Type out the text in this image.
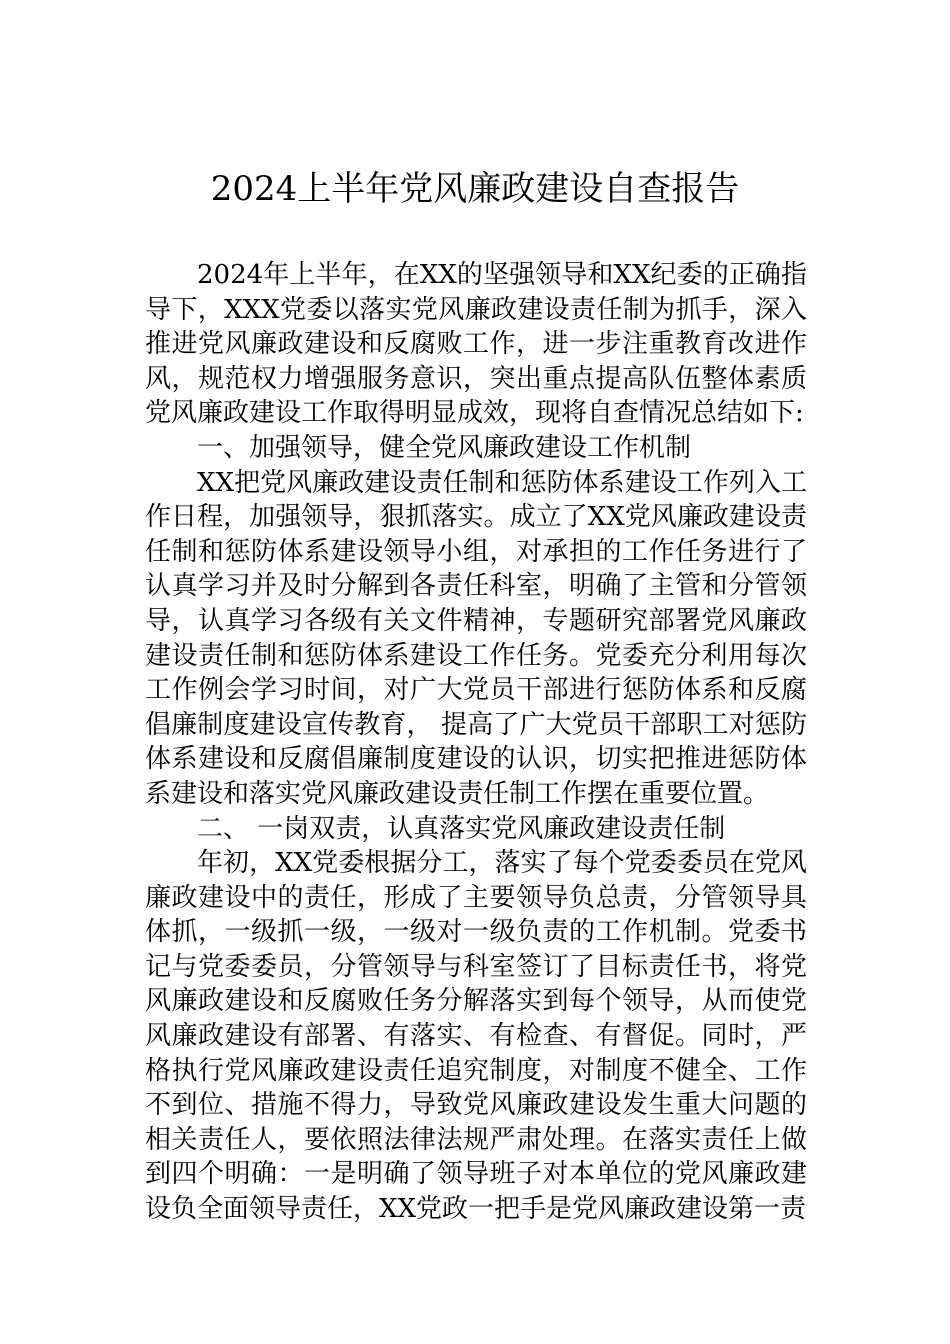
2024上半年党风廉政建设自查报告

2024年上半年，在XX的坚强领导和XX纪委的正确指导下，XXX党委以落实党风廉政建设责任制为抓手，深入推进党风廉政建设和反腐败工作，进一步注重教育改进作风，规范权力增强服务意识，突出重点提高队伍整体素质党风廉政建设工作取得明显成效，现将自查情况总结如下:

一、加强领导，健全党风廉政建设工作机制

XX把党风廉政建设责任制和惩防体系建设工作列入工作日程，加强领导，狠抓落实。成立了XX党风廉政建设责任制和惩防体系建设领导小组，对承担的工作任务进行了认真学习并及时分解到各责任科室，明确了主管和分管领导，认真学习各级有关文件精神，专题研究部署党风廉政建设责任制和惩防体系建设工作任务。党委充分利用每次工作例会学习时间，对广大党员干部进行惩防体系和反腐倡廉制度建设宣传教育， 提高了广大党员干部职工对惩防体系建设和反腐倡廉制度建设的认识，切实把推进惩防体系建设和落实党风廉政建设责任制工作摆在重要位置。

二、 一岗双责，认真落实党风廉政建设责任制

年初，XX党委根据分工，落实了每个党委委员在党风廉政建设中的责任，形成了主要领导负总责，分管领导具体抓，一级抓一级，一级对一级负责的工作机制。党委书记与党委委员，分管领导与科室签订了目标责任书，将党风廉政建设和反腐败任务分解落实到每个领导，从而使党风廉政建设有部署、有落实、有检查、有督促。同时，严格执行党风廉政建设责任追究制度，对制度不健全、工作不到位、措施不得力，导致党风廉政建设发生重大问题的相关责任人，要依照法律法规严肃处理。在落实责任上做到四个明确：一是明确了领导班子对本单位的党风廉政建设负全面领导责任，XX党政一把手是党风廉政建设第一责
